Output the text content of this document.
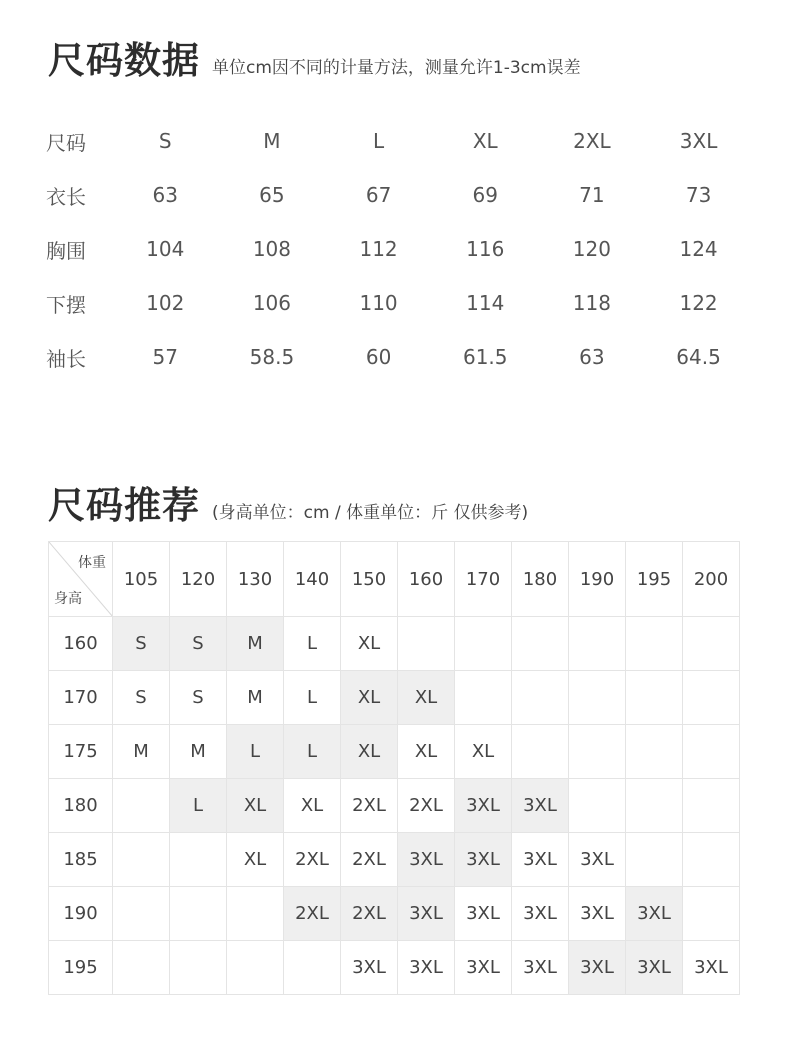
尺码数据 单位cm因不同的计量方法，测量允许1-3cm误差
尺码	S	M	L	XL	2XL	3XL
衣长	63	65	67	69	71	73
胸围	104	108	112	116	120	124
下摆	102	106	110	114	118	122
袖长	57	58.5	60	61.5	63	64.5
尺码推荐 (身高单位：cm / 体重单位：斤 仅供参考)
体重
身高	105	120	130	140	150	160	170	180	190	195	200
160	S	S	M	L	XL						
170	S	S	M	L	XL	XL					
175	M	M	L	L	XL	XL	XL				
180		L	XL	XL	2XL	2XL	3XL	3XL			
185			XL	2XL	2XL	3XL	3XL	3XL	3XL		
190				2XL	2XL	3XL	3XL	3XL	3XL	3XL	
195					3XL	3XL	3XL	3XL	3XL	3XL	3XL
